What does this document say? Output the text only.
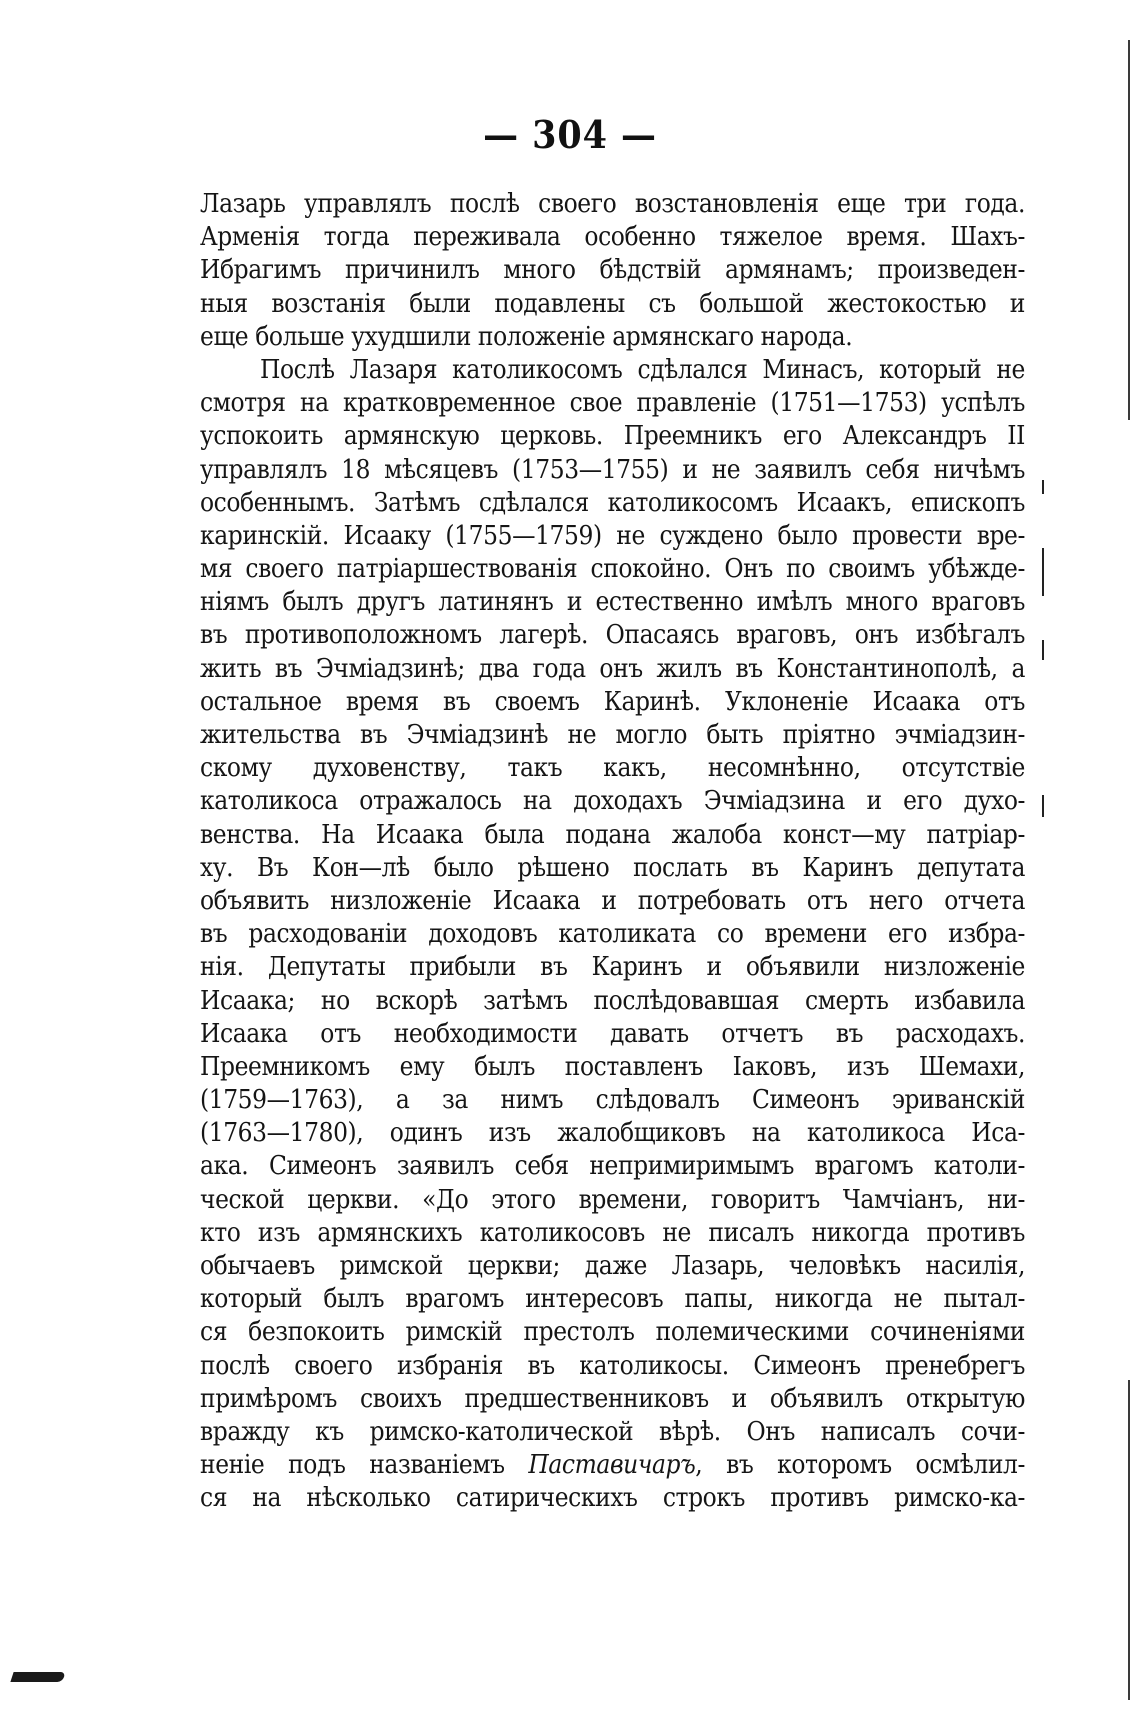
— 304 —
Лазарь управлялъ послѣ своего возстановленія еще три года.
Арменія тогда переживала особенно тяжелое время. Шахъ-
Ибрагимъ причинилъ много бѣдствій армянамъ; произведен-
ныя возстанія были подавлены съ большой жестокостью и
еще больше ухудшили положеніе армянскаго народа.
Послѣ Лазаря католикосомъ сдѣлался Минасъ, который не
смотря на кратковременное свое правленіе (1751—1753) успѣлъ
успокоить армянскую церковь. Преемникъ его Александръ II
управлялъ 18 мѣсяцевъ (1753—1755) и не заявилъ себя ничѣмъ
особеннымъ. Затѣмъ сдѣлался католикосомъ Исаакъ, епископъ
каринскій. Исааку (1755—1759) не суждено было провести вре-
мя своего патріаршествованія спокойно. Онъ по своимъ убѣжде-
ніямъ былъ другъ латинянъ и естественно имѣлъ много враговъ
въ противоположномъ лагерѣ. Опасаясь враговъ, онъ избѣгалъ
жить въ Эчміадзинѣ; два года онъ жилъ въ Константинополѣ, а
остальное время въ своемъ Каринѣ. Уклоненіе Исаака отъ
жительства въ Эчміадзинѣ не могло быть пріятно эчміадзин-
скому духовенству, такъ какъ, несомнѣнно, отсутствіе
католикоса отражалось на доходахъ Эчміадзина и его духо-
венства. На Исаака была подана жалоба конст—му патріар-
ху. Въ Кон—лѣ было рѣшено послать въ Каринъ депутата
объявить низложеніе Исаака и потребовать отъ него отчета
въ расходованіи доходовъ католиката со времени его избра-
нія. Депутаты прибыли въ Каринъ и объявили низложеніе
Исаака; но вскорѣ затѣмъ послѣдовавшая смерть избавила
Исаака отъ необходимости давать отчетъ въ расходахъ.
Преемникомъ ему былъ поставленъ Іаковъ, изъ Шемахи,
(1759—1763), а за нимъ слѣдовалъ Симеонъ эриванскій
(1763—1780), одинъ изъ жалобщиковъ на католикоса Иса-
ака. Симеонъ заявилъ себя непримиримымъ врагомъ католи-
ческой церкви. «До этого времени, говоритъ Чамчіанъ, ни-
кто изъ армянскихъ католикосовъ не писалъ никогда противъ
обычаевъ римской церкви; даже Лазарь, человѣкъ насилія,
который былъ врагомъ интересовъ папы, никогда не пытал-
ся безпокоить римскій престолъ полемическими сочиненіями
послѣ своего избранія въ католикосы. Симеонъ пренебрегъ
примѣромъ своихъ предшественниковъ и объявилъ открытую
вражду къ римско-католической вѣрѣ. Онъ написалъ сочи-
неніе подъ названіемъ Паставичаръ, въ которомъ осмѣлил-
ся на нѣсколько сатирическихъ строкъ противъ римско-ка-
